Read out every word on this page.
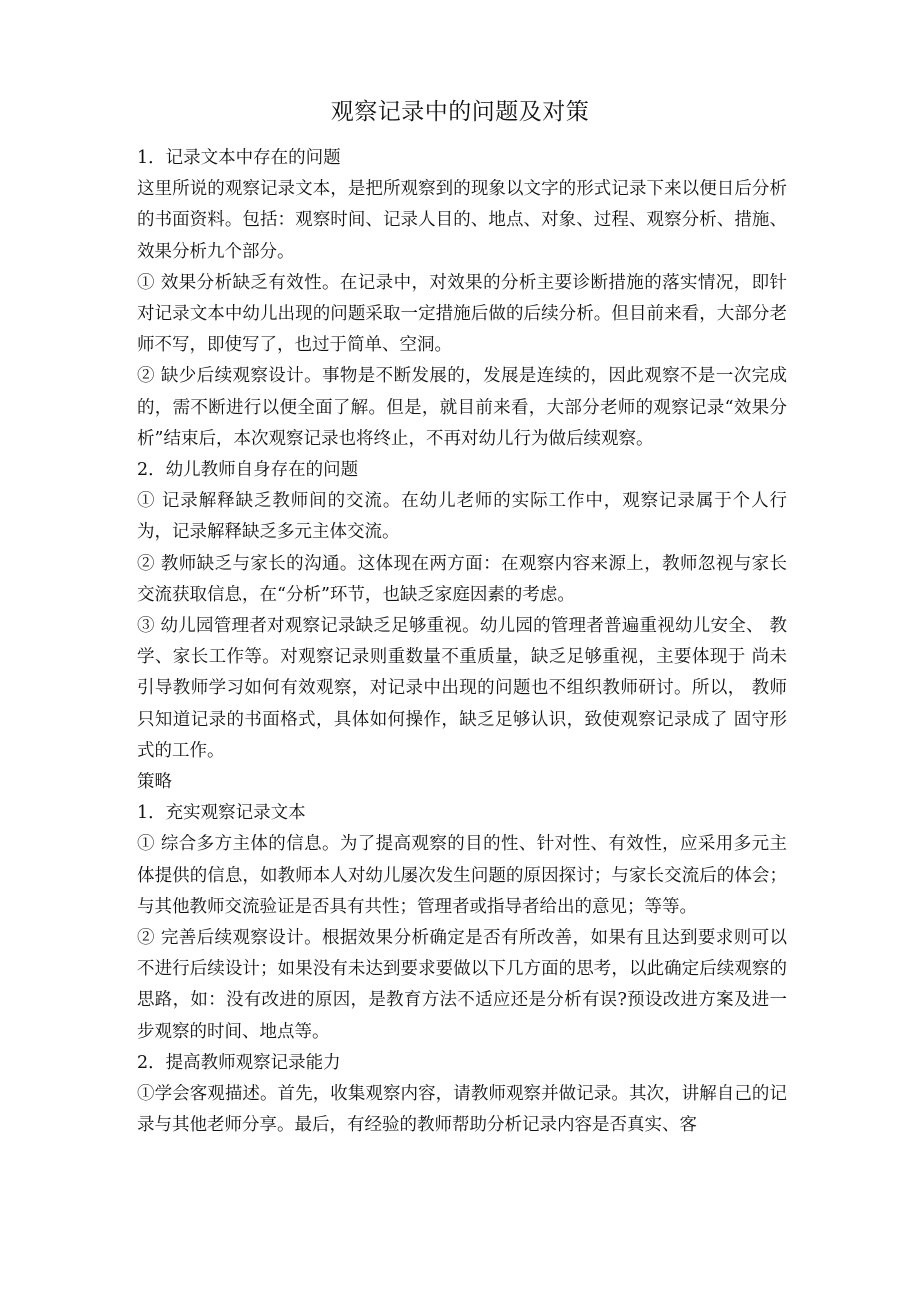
观察记录中的问题及对策

1．记录文本中存在的问题

这里所说的观察记录文本，是把所观察到的现象以文字的形式记录下来以便日后分析的书面资料。包括：观察时间、记录人目的、地点、对象、过程、观察分析、措施、效果分析九个部分。

① 效果分析缺乏有效性。在记录中，对效果的分析主要诊断措施的落实情况，即针对记录文本中幼儿出现的问题采取一定措施后做的后续分析。但目前来看，大部分老师不写，即使写了，也过于简单、空洞。

② 缺少后续观察设计。事物是不断发展的，发展是连续的，因此观察不是一次完成的，需不断进行以便全面了解。但是，就目前来看，大部分老师的观察记录“效果分析”结束后，本次观察记录也将终止，不再对幼儿行为做后续观察。

2．幼儿教师自身存在的问题

① 记录解释缺乏教师间的交流。在幼儿老师的实际工作中，观察记录属于个人行为，记录解释缺乏多元主体交流。

② 教师缺乏与家长的沟通。这体现在两方面：在观察内容来源上，教师忽视与家长交流获取信息，在“分析”环节，也缺乏家庭因素的考虑。

③ 幼儿园管理者对观察记录缺乏足够重视。幼儿园的管理者普遍重视幼儿安全、 教学、家长工作等。对观察记录则重数量不重质量，缺乏足够重视，主要体现于 尚未引导教师学习如何有效观察，对记录中出现的问题也不组织教师研讨。所以， 教师只知道记录的书面格式，具体如何操作，缺乏足够认识，致使观察记录成了 固守形式的工作。

策略

1．充实观察记录文本

① 综合多方主体的信息。为了提高观察的目的性、针对性、有效性，应采用多元主体提供的信息，如教师本人对幼儿屡次发生问题的原因探讨；与家长交流后的体会；与其他教师交流验证是否具有共性；管理者或指导者给出的意见；等等。

② 完善后续观察设计。根据效果分析确定是否有所改善，如果有且达到要求则可以不进行后续设计；如果没有未达到要求要做以下几方面的思考，以此确定后续观察的思路，如：没有改进的原因，是教育方法不适应还是分析有误?预设改进方案及进一步观察的时间、地点等。

2．提高教师观察记录能力

①学会客观描述。首先，收集观察内容，请教师观察并做记录。其次，讲解自己的记录与其他老师分享。最后，有经验的教师帮助分析记录内容是否真实、客
